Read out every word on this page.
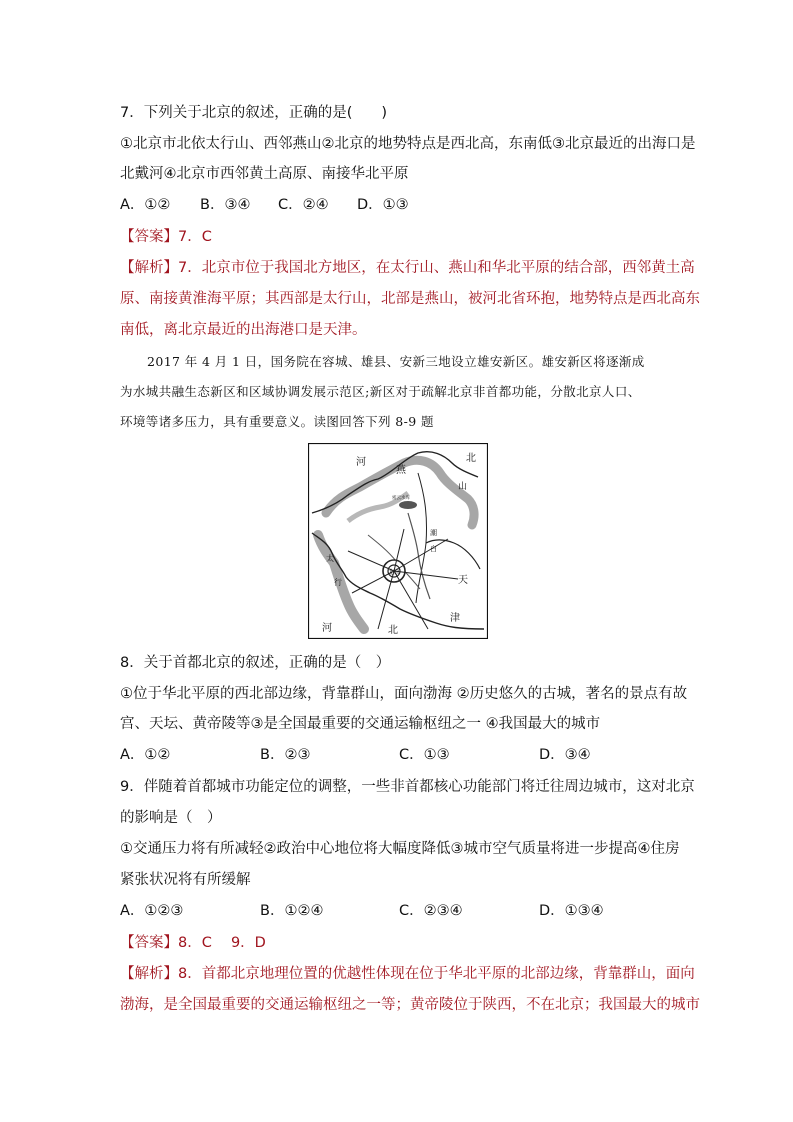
7．下列关于北京的叙述，正确的是(　　)
①北京市北依太行山、西邻燕山②北京的地势特点是西北高，东南低③北京最近的出海口是
北戴河④北京市西邻黄土高原、南接华北平原
A．①② B．③④ C．②④ D．①③
【答案】7．C
【解析】7．北京市位于我国北方地区，在太行山、燕山和华北平原的结合部，西邻黄土高
原、南接黄淮海平原；其西部是太行山，北部是燕山，被河北省环抱，地势特点是西北高东
南低，离北京最近的出海港口是天津。
2017 年 4 月 1 日，国务院在容城、雄县、安新三地设立雄安新区。雄安新区将逐渐成
为水城共融生态新区和区域协调发展示范区;新区对于疏解北京非首都功能，分散北京人口、
环境等诸多压力，具有重要意义。读图回答下列 8-9 题
河
燕
北
山
密云水库
太
行
北京
潮
白
天
津
河	北
8．关于首都北京的叙述，正确的是（　）
①位于华北平原的西北部边缘，背靠群山，面向渤海 ②历史悠久的古城，著名的景点有故
宫、天坛、黄帝陵等③是全国最重要的交通运输枢纽之一 ④我国最大的城市
A．①②	B．②③	C．①③	D．③④
9．伴随着首都城市功能定位的调整，一些非首都核心功能部门将迁往周边城市，这对北京
的影响是（　）
①交通压力将有所减轻②政治中心地位将大幅度降低③城市空气质量将进一步提高④住房
紧张状况将有所缓解
A．①②③	B．①②④	C．②③④	D．①③④
【答案】8．C　 9．D
【解析】8．首都北京地理位置的优越性体现在位于华北平原的北部边缘，背靠群山，面向
渤海，是全国最重要的交通运输枢纽之一等；黄帝陵位于陕西，不在北京；我国最大的城市
